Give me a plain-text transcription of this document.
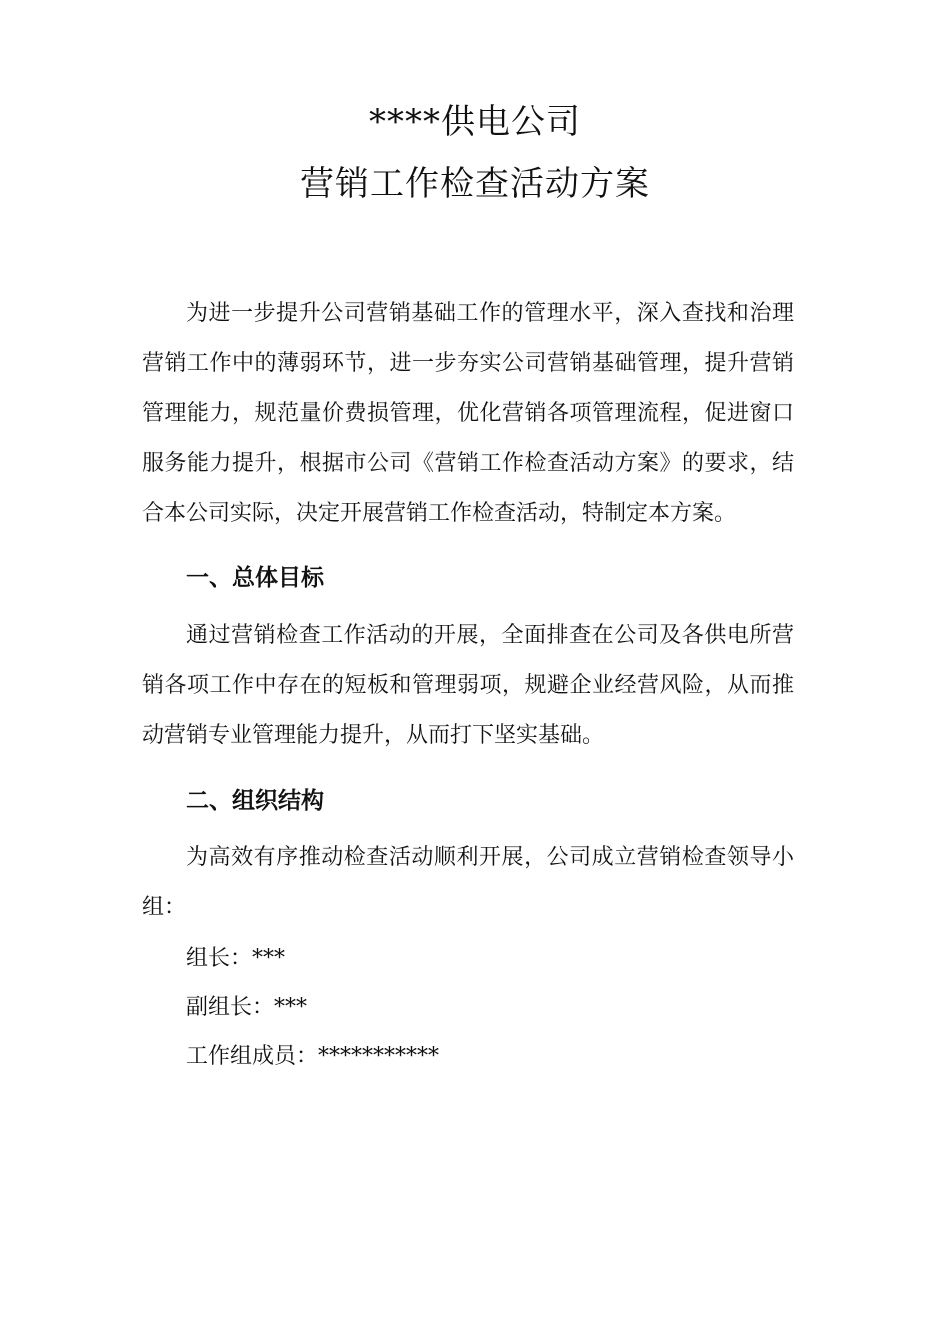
****供电公司
营销工作检查活动方案

为进一步提升公司营销基础工作的管理水平，深入查找和治理营销工作中的薄弱环节，进一步夯实公司营销基础管理，提升营销管理能力，规范量价费损管理，优化营销各项管理流程，促进窗口服务能力提升，根据市公司《营销工作检查活动方案》的要求，结合本公司实际，决定开展营销工作检查活动，特制定本方案。

一、总体目标

通过营销检查工作活动的开展，全面排查在公司及各供电所营销各项工作中存在的短板和管理弱项，规避企业经营风险，从而推动营销专业管理能力提升，从而打下坚实基础。

二、组织结构

为高效有序推动检查活动顺利开展，公司成立营销检查领导小组：

组长：***

副组长：***

工作组成员：***********
